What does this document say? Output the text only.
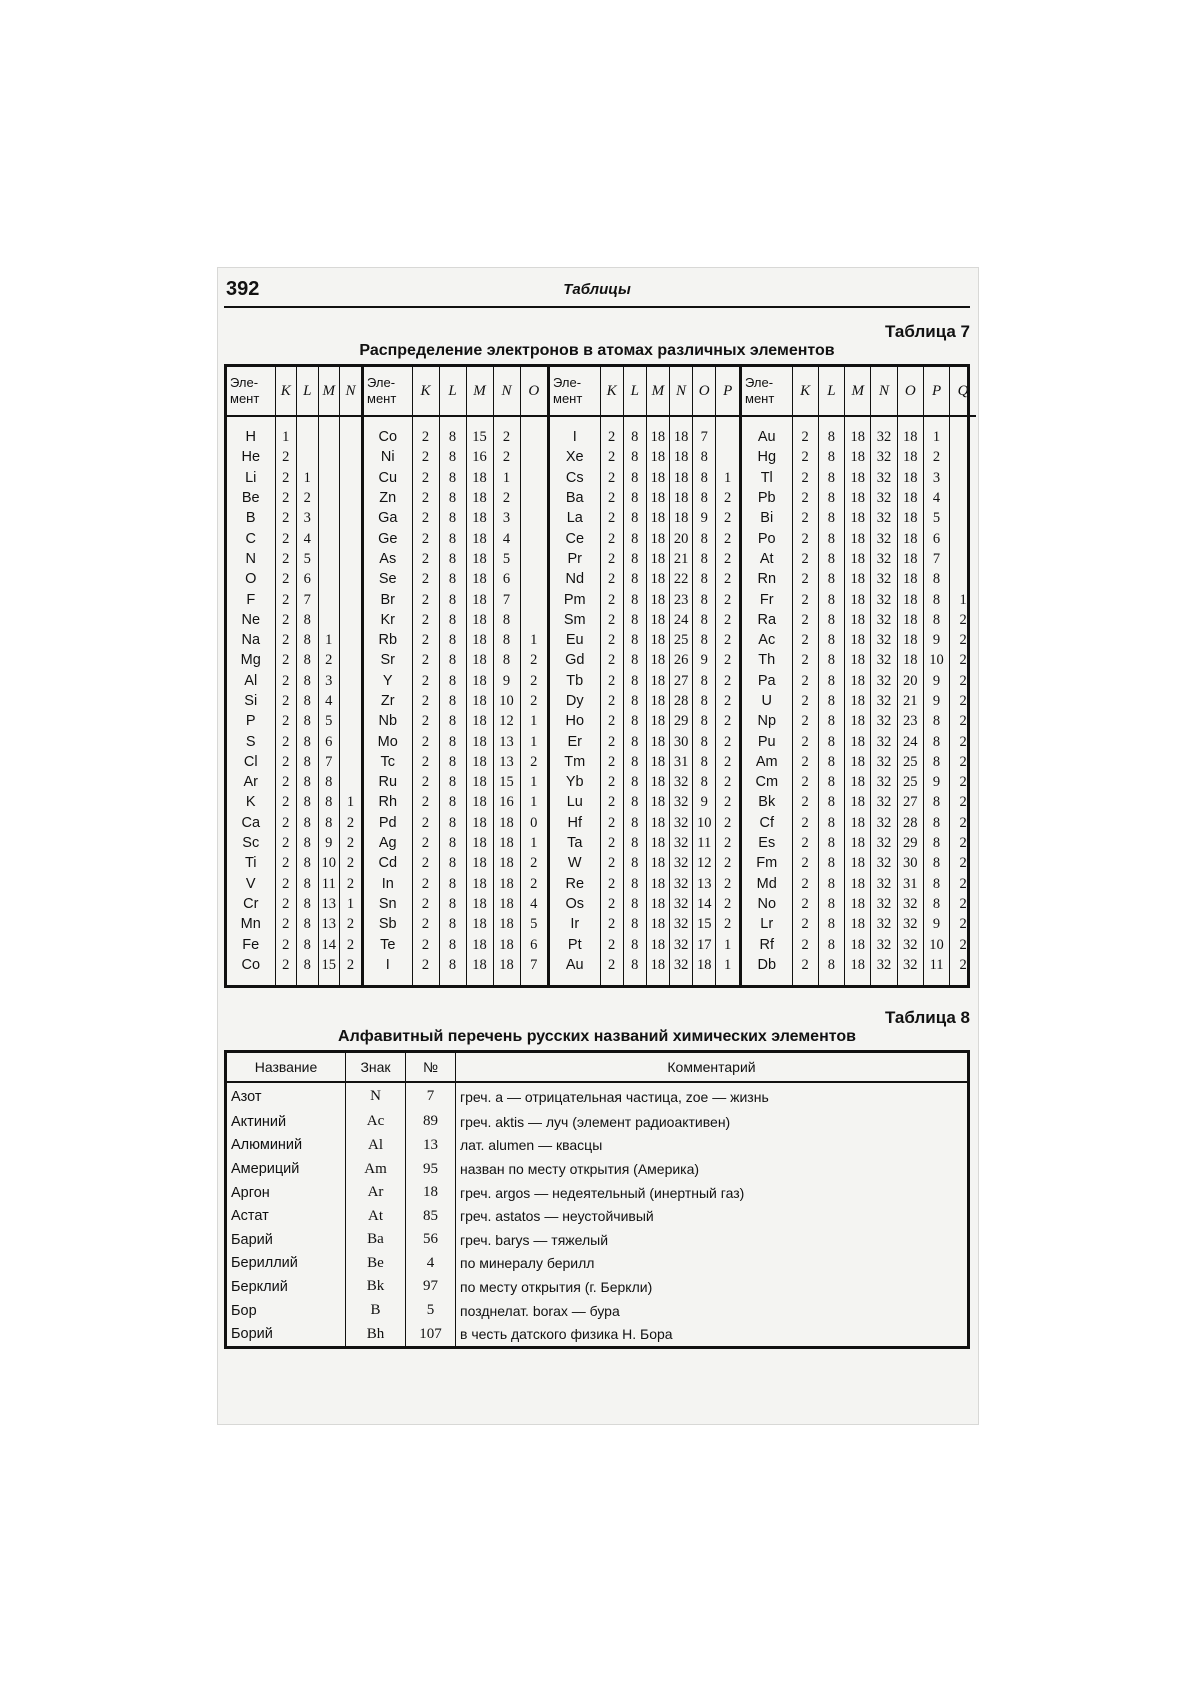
392	Таблицы
Таблица 7
Распределение электронов в атомах различных элементов
Эле-мент	K	L	M	N
H	1			
He	2			
Li	2	1		
Be	2	2		
B	2	3		
C	2	4		
N	2	5		
O	2	6		
F	2	7		
Ne	2	8		
Na	2	8	1	
Mg	2	8	2	
Al	2	8	3	
Si	2	8	4	
P	2	8	5	
S	2	8	6	
Cl	2	8	7	
Ar	2	8	8	
K	2	8	8	1
Ca	2	8	8	2
Sc	2	8	9	2
Ti	2	8	10	2
V	2	8	11	2
Cr	2	8	13	1
Mn	2	8	13	2
Fe	2	8	14	2
Co	2	8	15	2
Эле-мент	K	L	M	N	O
Co	2	8	15	2	
Ni	2	8	16	2	
Cu	2	8	18	1	
Zn	2	8	18	2	
Ga	2	8	18	3	
Ge	2	8	18	4	
As	2	8	18	5	
Se	2	8	18	6	
Br	2	8	18	7	
Kr	2	8	18	8	
Rb	2	8	18	8	1
Sr	2	8	18	8	2
Y	2	8	18	9	2
Zr	2	8	18	10	2
Nb	2	8	18	12	1
Mo	2	8	18	13	1
Tc	2	8	18	13	2
Ru	2	8	18	15	1
Rh	2	8	18	16	1
Pd	2	8	18	18	0
Ag	2	8	18	18	1
Cd	2	8	18	18	2
In	2	8	18	18	2
Sn	2	8	18	18	4
Sb	2	8	18	18	5
Te	2	8	18	18	6
I	2	8	18	18	7
Эле-мент	K	L	M	N	O	P
I	2	8	18	18	7	
Xe	2	8	18	18	8	
Cs	2	8	18	18	8	1
Ba	2	8	18	18	8	2
La	2	8	18	18	9	2
Ce	2	8	18	20	8	2
Pr	2	8	18	21	8	2
Nd	2	8	18	22	8	2
Pm	2	8	18	23	8	2
Sm	2	8	18	24	8	2
Eu	2	8	18	25	8	2
Gd	2	8	18	26	9	2
Tb	2	8	18	27	8	2
Dy	2	8	18	28	8	2
Ho	2	8	18	29	8	2
Er	2	8	18	30	8	2
Tm	2	8	18	31	8	2
Yb	2	8	18	32	8	2
Lu	2	8	18	32	9	2
Hf	2	8	18	32	10	2
Ta	2	8	18	32	11	2
W	2	8	18	32	12	2
Re	2	8	18	32	13	2
Os	2	8	18	32	14	2
Ir	2	8	18	32	15	2
Pt	2	8	18	32	17	1
Au	2	8	18	32	18	1
Эле-мент	K	L	M	N	O	P	Q
Au	2	8	18	32	18	1	
Hg	2	8	18	32	18	2	
Tl	2	8	18	32	18	3	
Pb	2	8	18	32	18	4	
Bi	2	8	18	32	18	5	
Po	2	8	18	32	18	6	
At	2	8	18	32	18	7	
Rn	2	8	18	32	18	8	
Fr	2	8	18	32	18	8	1
Ra	2	8	18	32	18	8	2
Ac	2	8	18	32	18	9	2
Th	2	8	18	32	18	10	2
Pa	2	8	18	32	20	9	2
U	2	8	18	32	21	9	2
Np	2	8	18	32	23	8	2
Pu	2	8	18	32	24	8	2
Am	2	8	18	32	25	8	2
Cm	2	8	18	32	25	9	2
Bk	2	8	18	32	27	8	2
Cf	2	8	18	32	28	8	2
Es	2	8	18	32	29	8	2
Fm	2	8	18	32	30	8	2
Md	2	8	18	32	31	8	2
No	2	8	18	32	32	8	2
Lr	2	8	18	32	32	9	2
Rf	2	8	18	32	32	10	2
Db	2	8	18	32	32	11	2
Таблица 8
Алфавитный перечень русских названий химических элементов
Название	Знак	№	Комментарий
Азот	N	7	греч. a — отрицательная частица, zoe — жизнь
Актиний	Ac	89	греч. aktis — луч (элемент радиоактивен)
Алюминий	Al	13	лат. alumen — квасцы
Америций	Am	95	назван по месту открытия (Америка)
Аргон	Ar	18	греч. argos — недеятельный (инертный газ)
Астат	At	85	греч. astatos — неустойчивый
Барий	Ba	56	греч. barys — тяжелый
Бериллий	Be	4	по минералу берилл
Берклий	Bk	97	по месту открытия (г. Беркли)
Бор	B	5	позднелат. borax — бура
Борий	Bh	107	в честь датского физика Н. Бора
